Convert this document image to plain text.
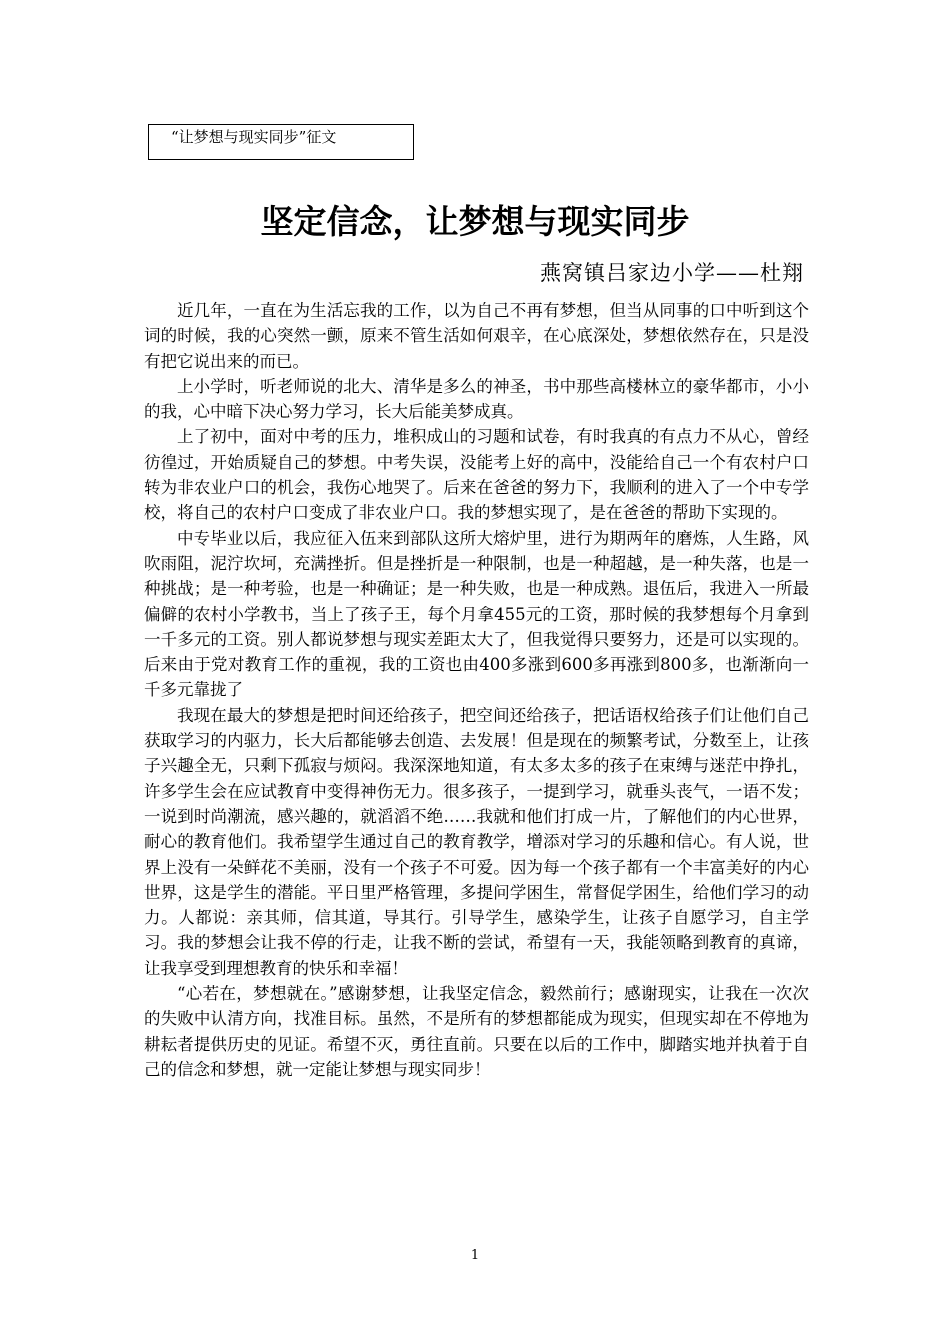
“让梦想与现实同步”征文
坚定信念，让梦想与现实同步
燕窝镇吕家边小学——杜翔

近几年，一直在为生活忘我的工作，以为自己不再有梦想，但当从同事的口中听到这个词的时候，我的心突然一颤，原来不管生活如何艰辛，在心底深处，梦想依然存在，只是没有把它说出来的而已。

上小学时，听老师说的北大、清华是多么的神圣，书中那些高楼林立的豪华都市，小小的我，心中暗下决心努力学习，长大后能美梦成真。

上了初中，面对中考的压力，堆积成山的习题和试卷，有时我真的有点力不从心，曾经彷徨过，开始质疑自己的梦想。中考失误，没能考上好的高中，没能给自己一个有农村户口转为非农业户口的机会，我伤心地哭了。后来在爸爸的努力下，我顺利的进入了一个中专学校，将自己的农村户口变成了非农业户口。我的梦想实现了，是在爸爸的帮助下实现的。

中专毕业以后，我应征入伍来到部队这所大熔炉里，进行为期两年的磨炼，人生路，风吹雨阻，泥泞坎坷，充满挫折。但是挫折是一种限制，也是一种超越，是一种失落，也是一种挑战；是一种考验，也是一种确证；是一种失败，也是一种成熟。退伍后，我进入一所最偏僻的农村小学教书，当上了孩子王，每个月拿455元的工资，那时候的我梦想每个月拿到一千多元的工资。别人都说梦想与现实差距太大了，但我觉得只要努力，还是可以实现的。后来由于党对教育工作的重视，我的工资也由400多涨到600多再涨到800多，也渐渐向一千多元靠拢了

我现在最大的梦想是把时间还给孩子，把空间还给孩子，把话语权给孩子们让他们自己获取学习的内驱力，长大后都能够去创造、去发展！但是现在的频繁考试，分数至上，让孩子兴趣全无，只剩下孤寂与烦闷。我深深地知道，有太多太多的孩子在束缚与迷茫中挣扎，许多学生会在应试教育中变得神伤无力。很多孩子，一提到学习，就垂头丧气，一语不发；一说到时尚潮流，感兴趣的，就滔滔不绝……我就和他们打成一片，了解他们的内心世界，耐心的教育他们。我希望学生通过自己的教育教学，增添对学习的乐趣和信心。有人说，世界上没有一朵鲜花不美丽，没有一个孩子不可爱。因为每一个孩子都有一个丰富美好的内心世界，这是学生的潜能。平日里严格管理，多提问学困生，常督促学困生，给他们学习的动力。人都说：亲其师，信其道，导其行。引导学生，感染学生，让孩子自愿学习，自主学习。我的梦想会让我不停的行走，让我不断的尝试，希望有一天，我能领略到教育的真谛，让我享受到理想教育的快乐和幸福！

“心若在，梦想就在。”感谢梦想，让我坚定信念，毅然前行；感谢现实，让我在一次次的失败中认清方向，找准目标。虽然，不是所有的梦想都能成为现实，但现实却在不停地为耕耘者提供历史的见证。希望不灭，勇往直前。只要在以后的工作中，脚踏实地并执着于自己的信念和梦想，就一定能让梦想与现实同步！

1
